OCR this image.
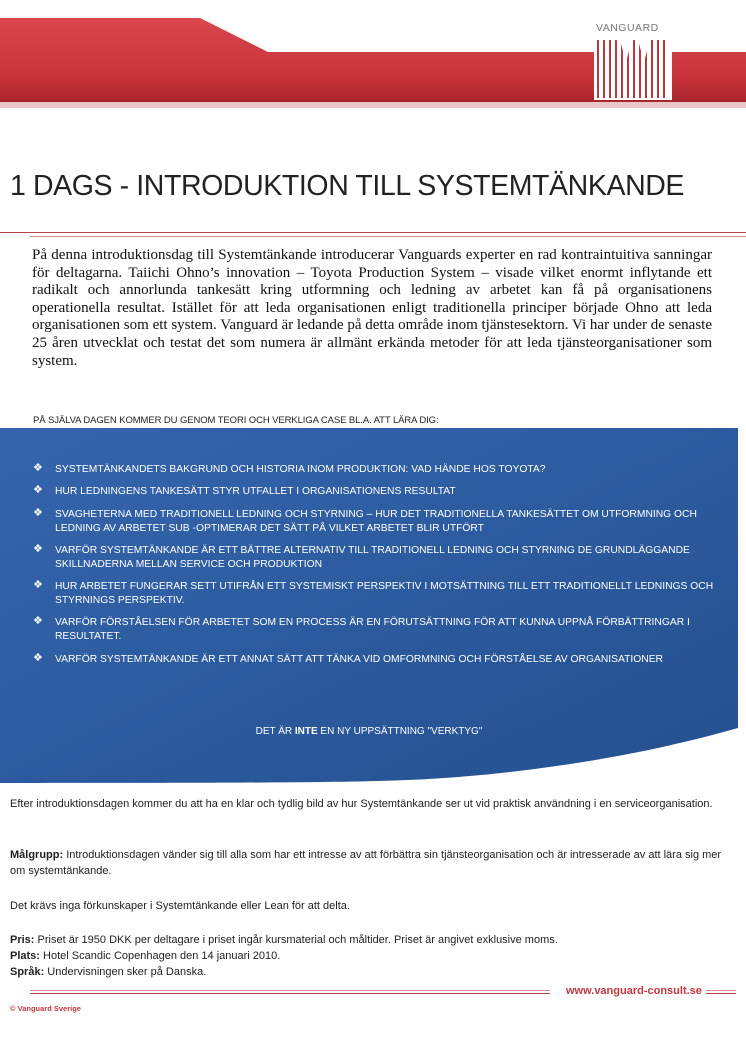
VANGUARD
1 DAGS - INTRODUKTION TILL SYSTEMTÄNKANDE

På denna introduktionsdag till Systemtänkande introducerar Vanguards experter en rad kontraintuitiva sanningar för deltagarna. Taiichi Ohno’s innovation – Toyota Production System – visade vilket enormt inflytande ett radikalt och annorlunda tankesätt kring utformning och ledning av arbetet kan få på organisationens operationella resultat. Istället för att leda organisationen enligt traditionella principer började Ohno att leda organisationen som ett system. Vanguard är ledande på detta område inom tjänstesektorn. Vi har under de senaste 25 åren utvecklat och testat det som numera är allmänt erkända metoder för att leda tjänsteorganisationer som system.

PÅ SJÄLVA DAGEN KOMMER DU GENOM TEORI OCH VERKLIGA CASE BL.A. ATT LÄRA DIG:
❖ SYSTEMTÄNKANDETS BAKGRUND OCH HISTORIA INOM PRODUKTION: VAD HÄNDE HOS TOYOTA?
❖ HUR LEDNINGENS TANKESÄTT STYR UTFALLET I ORGANISATIONENS RESULTAT
❖ SVAGHETERNA MED TRADITIONELL LEDNING OCH STYRNING – HUR DET TRADITIONELLA TANKESÄTTET OM UTFORMNING OCH LEDNING AV ARBETET SUB -OPTIMERAR DET SÄTT PÅ VILKET ARBETET BLIR UTFÖRT
❖ VARFÖR SYSTEMTÄNKANDE ÄR ETT BÄTTRE ALTERNATIV TILL TRADITIONELL LEDNING OCH STYRNING DE GRUNDLÄGGANDE SKILLNADERNA MELLAN SERVICE OCH PRODUKTION
❖ HUR ARBETET FUNGERAR SETT UTIFRÅN ETT SYSTEMISKT PERSPEKTIV I MOTSÄTTNING TILL ETT TRADITIONELLT LEDNINGS OCH STYRNINGS PERSPEKTIV.
❖ VARFÖR FÖRSTÅELSEN FÖR ARBETET SOM EN PROCESS ÄR EN FÖRUTSÄTTNING FÖR ATT KUNNA UPPNÅ FÖRBÄTTRINGAR I RESULTATET.
❖ VARFÖR SYSTEMTÄNKANDE ÄR ETT ANNAT SÄTT ATT TÄNKA VID OMFORMNING OCH FÖRSTÅELSE AV ORGANISATIONER
DET ÄR INTE EN NY UPPSÄTTNING "VERKTYG"

Efter introduktionsdagen kommer du att ha en klar och tydlig bild av hur Systemtänkande ser ut vid praktisk användning i en serviceorganisation.

Målgrupp: Introduktionsdagen vänder sig till alla som har ett intresse av att förbättra sin tjänsteorganisation och är intresserade av att lära sig mer om systemtänkande.

Det krävs inga förkunskaper i Systemtänkande eller Lean för att delta.

Pris: Priset är 1950 DKK per deltagare i priset ingår kursmaterial och måltider. Priset är angivet exklusive moms.

Plats: Hotel Scandic Copenhagen den 14 januari 2010.

Språk: Undervisningen sker på Danska.

www.vanguard-consult.se
© Vanguard Sverige
